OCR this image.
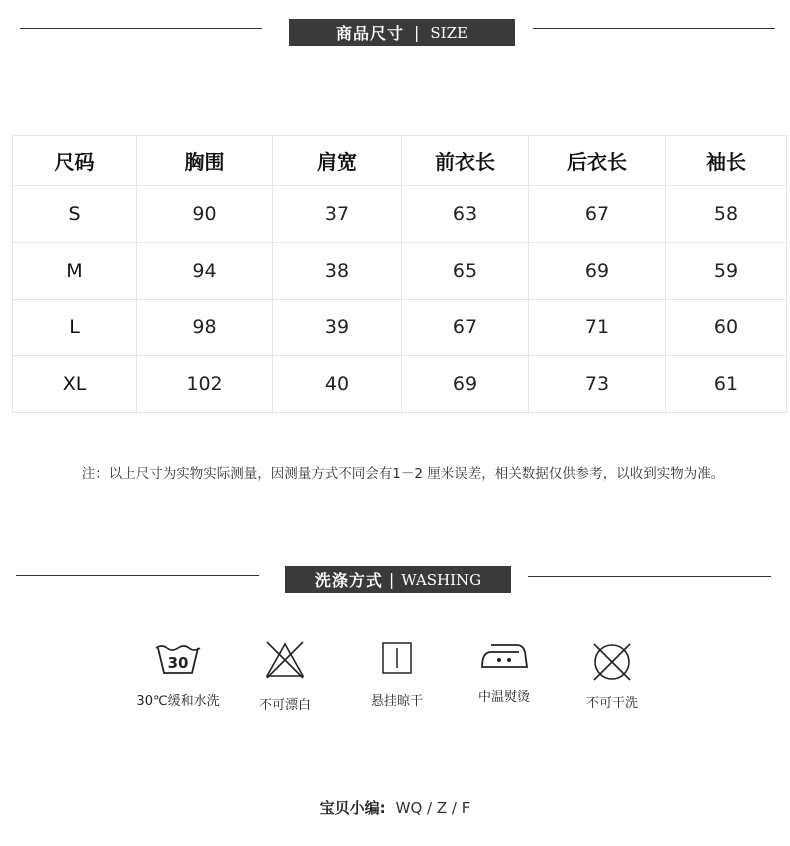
商品尺寸 | SIZE
尺码	胸围	肩宽	前衣长	后衣长	袖长
S	90	37	63	67	58
M	94	38	65	69	59
L	98	39	67	71	60
XL	102	40	69	73	61
注：以上尺寸为实物实际测量，因测量方式不同会有1－2 厘米误差，相关数据仅供参考，以收到实物为准。
洗涤方式 | WASHING
30
30℃缓和水洗	不可漂白	悬挂晾干	中温熨烫	不可干洗
宝贝小编: WQ / Z / F
